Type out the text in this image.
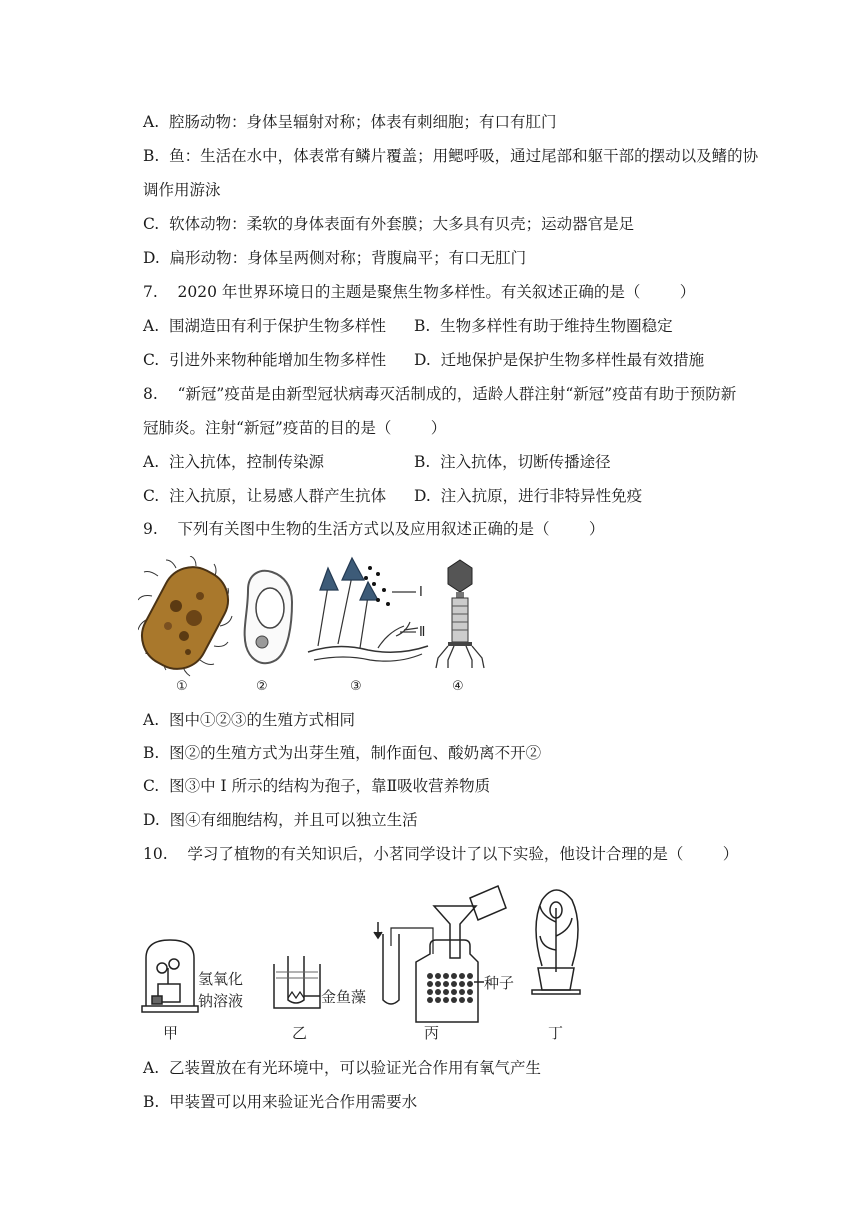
A.  腔肠动物：身体呈辐射对称；体表有刺细胞；有口有肛门
B.  鱼：生活在水中，体表常有鳞片覆盖；用鳃呼吸，通过尾部和躯干部的摆动以及鳍的协
调作用游泳
C.  软体动物：柔软的身体表面有外套膜；大多具有贝壳；运动器官是足
D.  扁形动物：身体呈两侧对称；背腹扁平；有口无肛门
7.    2020 年世界环境日的主题是聚焦生物多样性。有关叙述正确的是（        ）
A.  围湖造田有利于保护生物多样性 B.  生物多样性有助于维持生物圈稳定
C.  引进外来物种能增加生物多样性 D.  迁地保护是保护生物多样性最有效措施
8.    “新冠”疫苗是由新型冠状病毒灭活制成的，适龄人群注射“新冠”疫苗有助于预防新
冠肺炎。注射“新冠”疫苗的目的是（        ）
A.  注入抗体，控制传染源	B.  注入抗体，切断传播途径
C.  注入抗原，让易感人群产生抗体 D.  注入抗原，进行非特异性免疫
9.    下列有关图中生物的生活方式以及应用叙述正确的是（        ）
①	②
I
Ⅱ
③	④
A.  图中①②③的生殖方式相同
B.  图②的生殖方式为出芽生殖，制作面包、酸奶离不开②
C.  图③中 I 所示的结构为孢子，靠Ⅱ吸收营养物质
D.  图④有细胞结构，并且可以独立生活
10.    学习了植物的有关知识后，小茗同学设计了以下实验，他设计合理的是（        ）
氢氧化
钠溶液
甲
金鱼藻
乙
种子
丙	丁
A.  乙装置放在有光环境中，可以验证光合作用有氧气产生
B.  甲装置可以用来验证光合作用需要水
